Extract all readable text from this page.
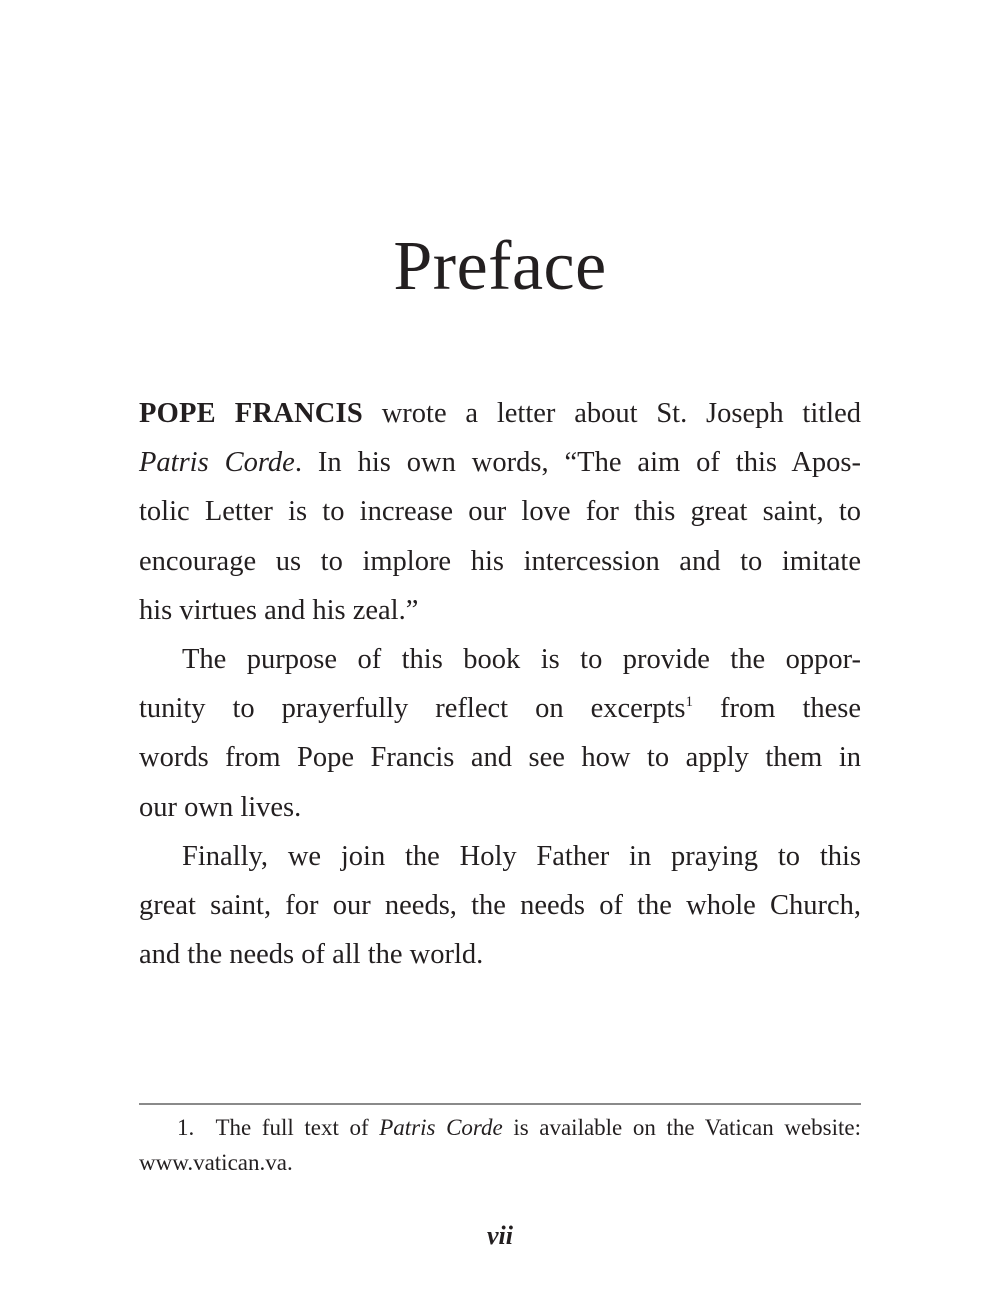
Preface
POPE FRANCIS wrote a letter about St. Joseph titled
Patris Corde. In his own words, “The aim of this Apos-
tolic Letter is to increase our love for this great saint, to
encourage us to implore his intercession and to imitate
his virtues and his zeal.”
The purpose of this book is to provide the oppor-
tunity to prayerfully reflect on excerpts$^1$ from these
words from Pope Francis and see how to apply them in
our own lives.
Finally, we join the Holy Father in praying to this
great saint, for our needs, the needs of the whole Church,
and the needs of all the world.
1. The full text of Patris Corde is available on the Vatican website:
www.vatican.va.
vii
